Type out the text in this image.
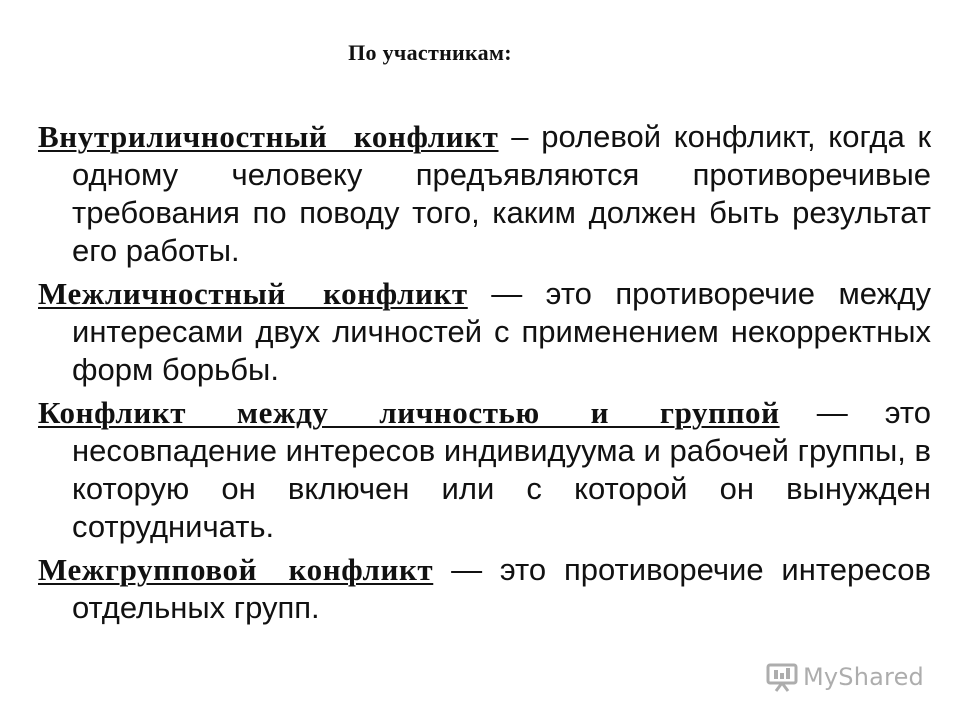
По участникам:

Внутриличностный конфликт – ролевой конфликт, когда к одному человеку предъявляются противоречивые требования по поводу того, каким должен быть результат его работы.

Межличностный конфликт — это противоречие между интересами двух личностей с применением некорректных форм борьбы.

Конфликт между личностью и группой — это несовпадение интересов индивидуума и рабочей группы, в которую он включен или с которой он вынужден сотрудничать.

Межгрупповой конфликт — это противоречие интересов отдельных групп.

MyShared
